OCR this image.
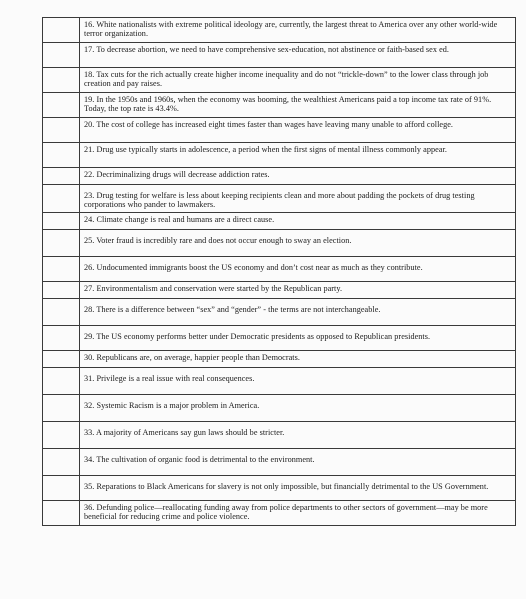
	16. White nationalists with extreme political ideology are, currently, the largest threat to America over any other world-wide terror organization.

	17. To decrease abortion, we need to have comprehensive sex-education, not abstinence or faith-based sex ed.

	18. Tax cuts for the rich actually create higher income inequality and do not “trickle-down” to the lower class through job creation and pay raises.

	19. In the 1950s and 1960s, when the economy was booming, the wealthiest Americans paid a top income tax rate of 91%. Today, the top rate is 43.4%.

	20. The cost of college has increased eight times faster than wages have leaving many unable to afford college.

	21. Drug use typically starts in adolescence, a period when the first signs of mental illness commonly appear.

	22. Decriminalizing drugs will decrease addiction rates.

	23. Drug testing for welfare is less about keeping recipients clean and more about padding the pockets of drug testing corporations who pander to lawmakers.

	24. Climate change is real and humans are a direct cause.

	25. Voter fraud is incredibly rare and does not occur enough to sway an election.

	26. Undocumented immigrants boost the US economy and don’t cost near as much as they contribute.

	27. Environmentalism and conservation were started by the Republican party.

	28. There is a difference between “sex” and “gender” - the terms are not interchangeable.

	29. The US economy performs better under Democratic presidents as opposed to Republican presidents.

	30. Republicans are, on average, happier people than Democrats.

	31. Privilege is a real issue with real consequences.

	32. Systemic Racism is a major problem in America.

	33. A majority of Americans say gun laws should be stricter.

	34. The cultivation of organic food is detrimental to the environment.

	35. Reparations to Black Americans for slavery is not only impossible, but financially detrimental to the US Government.

	36. Defunding police—reallocating funding away from police departments to other sectors of government—may be more beneficial for reducing crime and police violence.
